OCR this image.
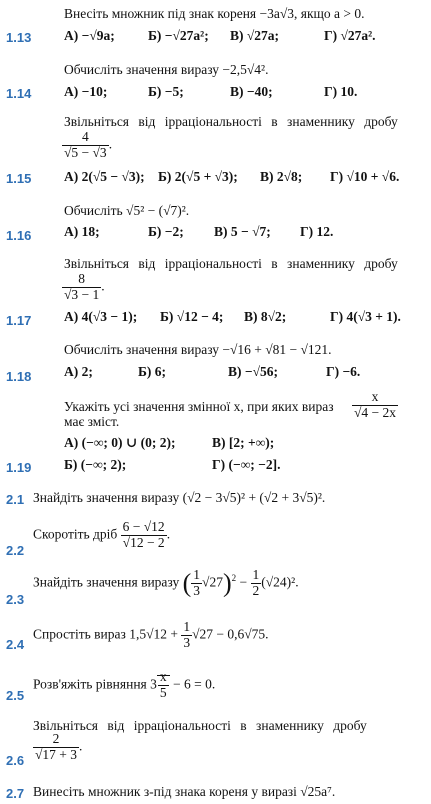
Внесіть множник під знак кореня −3a√3, якщо a > 0.
1.13 А) −√9a; Б) −√27a²; В) √27a;	Г) √27a².
Обчисліть значення виразу −2,5√4².
1.14 А) −10;	Б) −5;	В) −40;	Г) 10.
Звільніться від ірраціональності в знаменнику дробу
$\frac{4}{√5 - √3}$ .
1.15 А) 2(√5 − √3); Б) 2(√5 + √3); В) 2√8; Г) √10 + √6.
Обчисліть √5² − (√7)².
1.16 А) 18;	Б) −2; В) 5 − √7; Г) 12.
Звільніться від ірраціональності в знаменнику дробу
$\frac{8}{√3 - 1}$ .
1.17 А) 4(√3 − 1); Б) √12 − 4; В) 8√2;	Г) 4(√3 + 1).
Обчисліть значення виразу −√16 + √81 − √121.
1.18 А) 2;	Б) 6;	В) −√56;	Г) −6.
Укажіть усі значення змінної x, при яких вираз $\frac{x}{√4 - 2x}$
має зміст.
А) (−∞; 0) ∪ (0; 2);	В) [2; +∞);
1.19 Б) (−∞; 2);	Г) (−∞; −2].
2.1 Знайдіть значення виразу (√2 − 3√5)² + (√2 + 3√5)².
Скоротіть дріб $\frac{6 - √12}{√12 - 2}$ .
2.2
Знайдіть значення виразу ( $\frac{1}{3} √27)^2 - \frac{1}{2} (√24)^2$.
2.3
Спростіть вираз $1,5√12 + \frac{1}{3} √27 - 0,6√75$.
2.4
Розв'яжіть рівняння $3 \frac{x}{5} - 6 = 0$.
2.5
Звільніться від ірраціональності в знаменнику дробу
$\frac{2}{√17 + 3}$ .
2.6
2.7 Винесіть множник з-під знака кореня у виразі √25a⁷.
